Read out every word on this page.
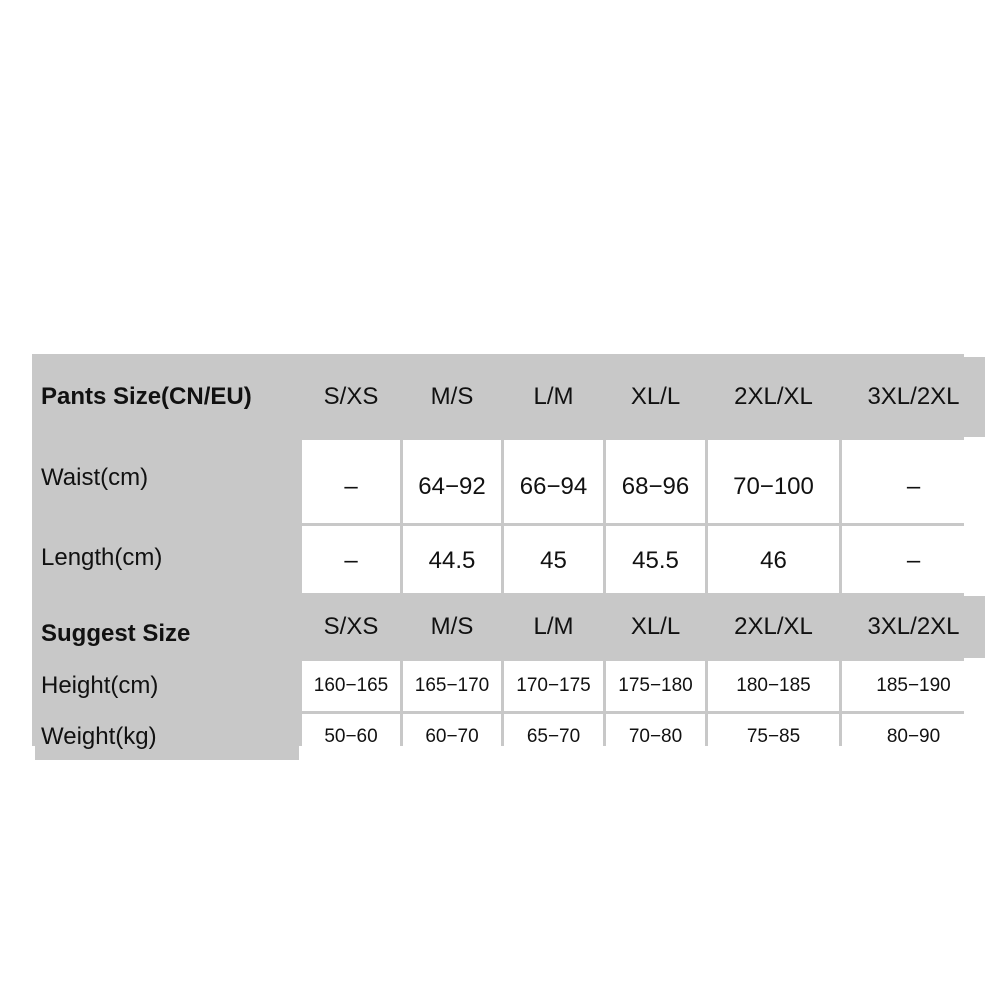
Pants Size(CN/EU)	S/XS	M/S	L/M	XL/L	2XL/XL	3XL/2XL
Waist(cm)	–	64−92	66−94	68−96	70−100	–
Length(cm)	–	44.5	45	45.5	46	–
Suggest Size	S/XS	M/S	L/M	XL/L	2XL/XL	3XL/2XL
Height(cm)	160−165	165−170	170−175	175−180	180−185	185−190
Weight(kg)	50−60	60−70	65−70	70−80	75−85	80−90
